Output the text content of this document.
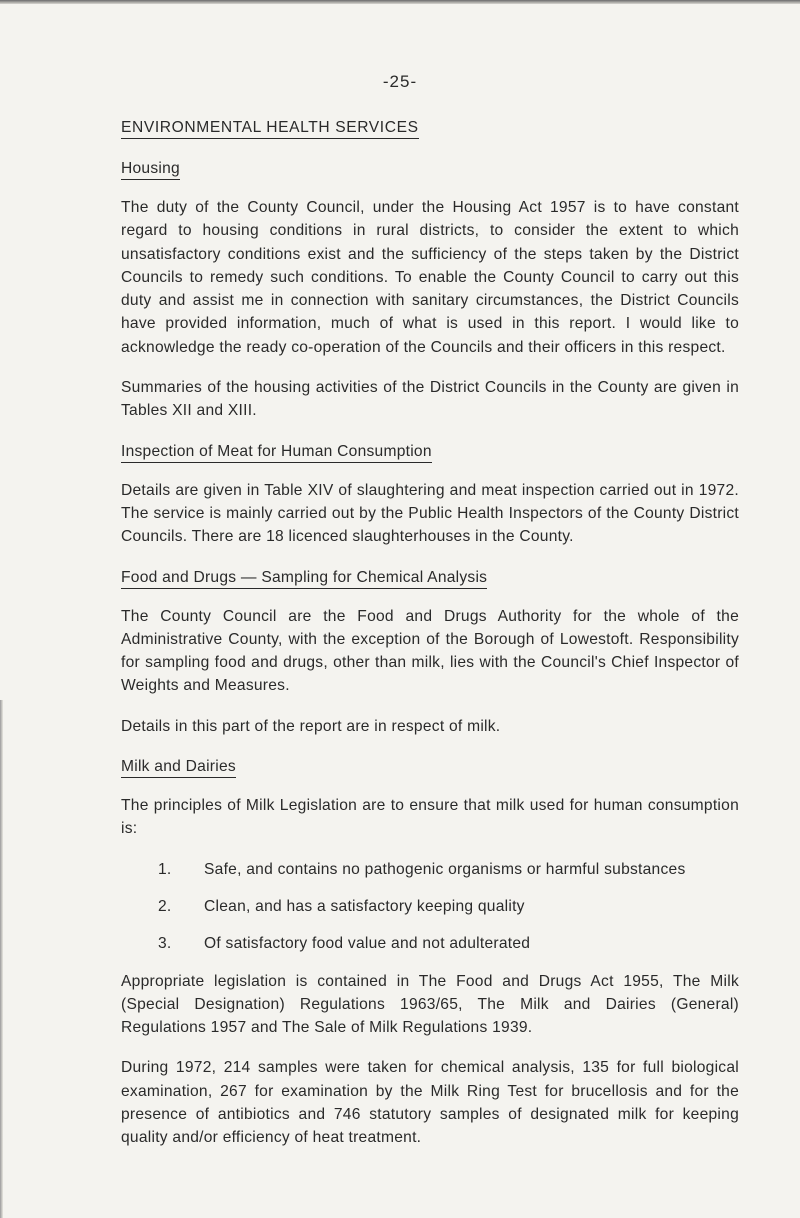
-25-
ENVIRONMENTAL HEALTH SERVICES
Housing

The duty of the County Council, under the Housing Act 1957 is to have constant regard to housing conditions in rural districts, to consider the extent to which unsatisfactory conditions exist and the sufficiency of the steps taken by the District Councils to remedy such conditions. To enable the County Council to carry out this duty and assist me in connection with sanitary circumstances, the District Councils have provided information, much of what is used in this report. I would like to acknowledge the ready co-operation of the Councils and their officers in this respect.

Summaries of the housing activities of the District Councils in the County are given in Tables XII and XIII.

Inspection of Meat for Human Consumption

Details are given in Table XIV of slaughtering and meat inspection carried out in 1972. The service is mainly carried out by the Public Health Inspectors of the County District Councils. There are 18 licenced slaughterhouses in the County.

Food and Drugs — Sampling for Chemical Analysis

The County Council are the Food and Drugs Authority for the whole of the Administrative County, with the exception of the Borough of Lowestoft. Responsibility for sampling food and drugs, other than milk, lies with the Council's Chief Inspector of Weights and Measures.

Details in this part of the report are in respect of milk.

Milk and Dairies

The principles of Milk Legislation are to ensure that milk used for human consumption is:

1. Safe, and contains no pathogenic organisms or harmful substances
2. Clean, and has a satisfactory keeping quality
3. Of satisfactory food value and not adulterated

Appropriate legislation is contained in The Food and Drugs Act 1955, The Milk (Special Designation) Regulations 1963/65, The Milk and Dairies (General) Regulations 1957 and The Sale of Milk Regulations 1939.

During 1972, 214 samples were taken for chemical analysis, 135 for full biological examination, 267 for examination by the Milk Ring Test for brucellosis and for the presence of antibiotics and 746 statutory samples of designated milk for keeping quality and/or efficiency of heat treatment.
